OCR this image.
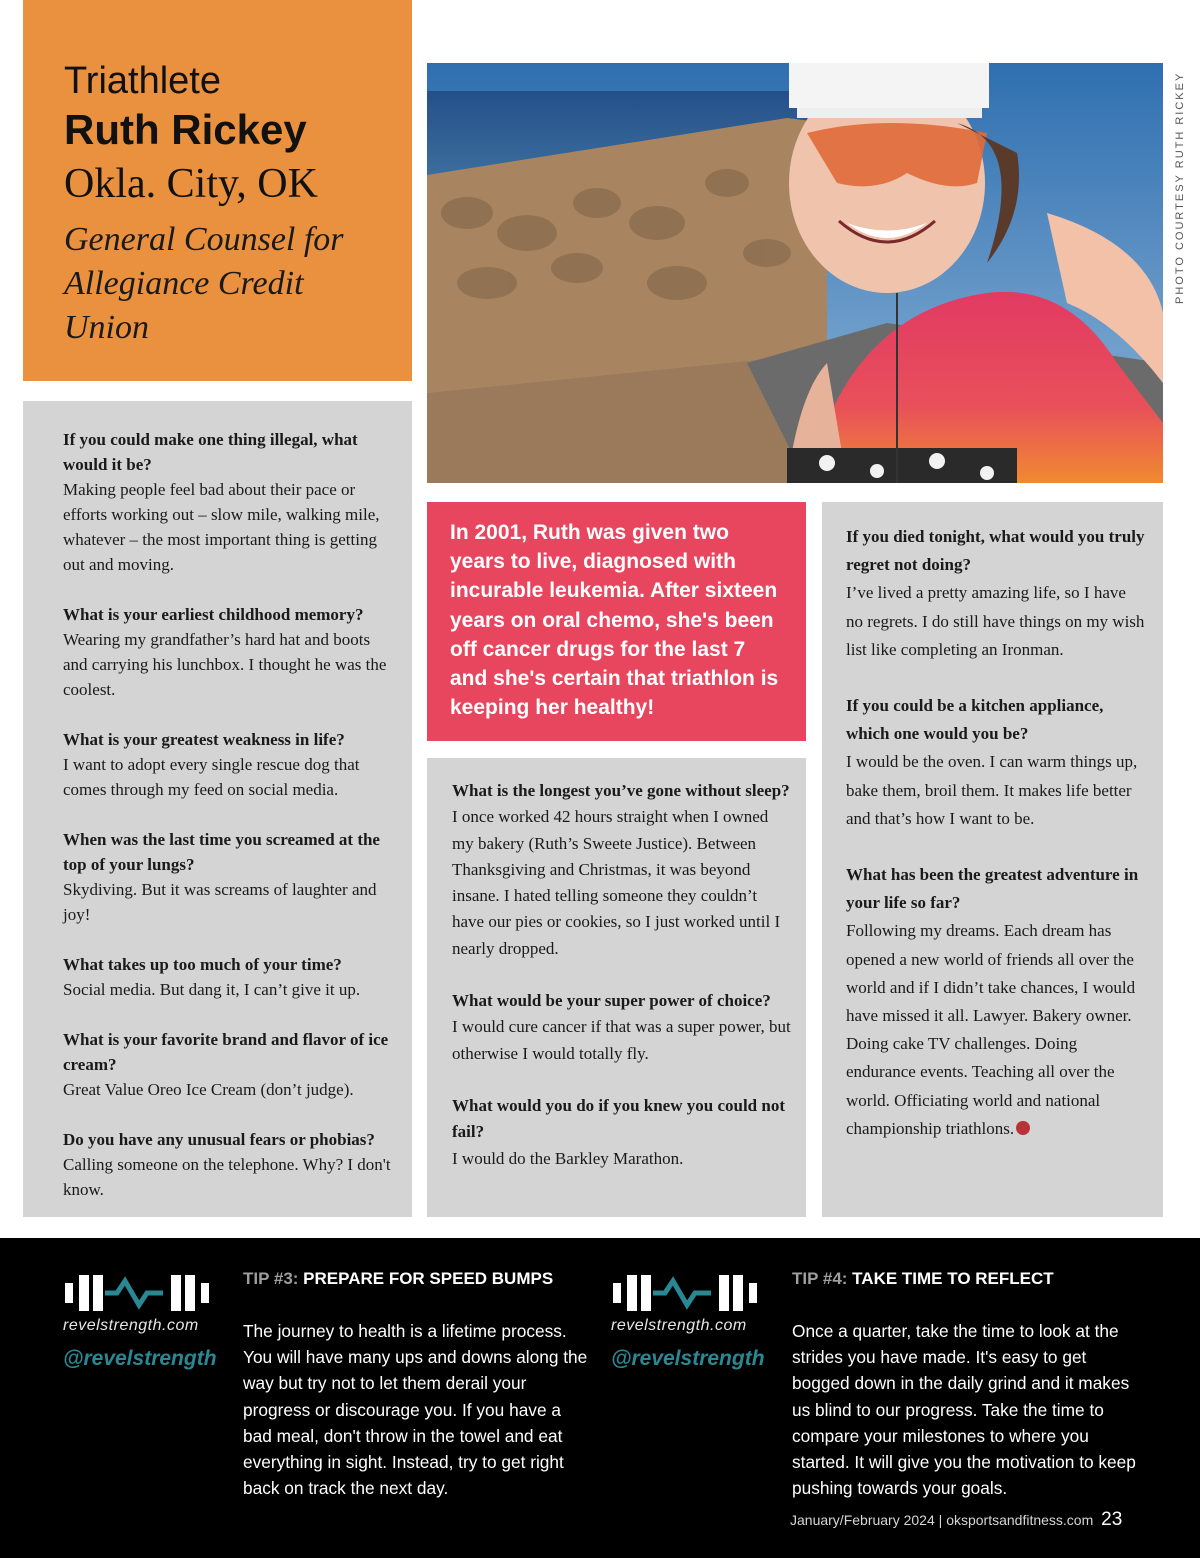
Triathlete
Ruth Rickey
Okla. City, OK
General Counsel for Allegiance Credit Union
PHOTO COURTESY RUTH RICKEY
If you could make one thing illegal, what would it be?
Making people feel bad about their pace or efforts working out – slow mile, walking mile, whatever – the most important thing is getting out and moving.
What is your earliest childhood memory?
Wearing my grandfather’s hard hat and boots and carrying his lunchbox. I thought he was the coolest.
What is your greatest weakness in life?
I want to adopt every single rescue dog that comes through my feed on social media.
When was the last time you screamed at the top of your lungs?
Skydiving. But it was screams of laughter and joy!
What takes up too much of your time?
Social media. But dang it, I can’t give it up.
What is your favorite brand and flavor of ice cream?
Great Value Oreo Ice Cream (don’t judge).
Do you have any unusual fears or phobias?
Calling someone on the telephone. Why? I don't know.
In 2001, Ruth was given two years to live, diagnosed with incurable leukemia. After sixteen years on oral chemo, she's been off cancer drugs for the last 7 and she's certain that triathlon is keeping her healthy!
What is the longest you’ve gone without sleep?
I once worked 42 hours straight when I owned my bakery (Ruth’s Sweete Justice). Between Thanksgiving and Christmas, it was beyond insane. I hated telling someone they couldn’t have our pies or cookies, so I just worked until I nearly dropped.
What would be your super power of choice?
I would cure cancer if that was a super power, but otherwise I would totally fly.
What would you do if you knew you could not fail?
I would do the Barkley Marathon.
If you died tonight, what would you truly regret not doing?
I’ve lived a pretty amazing life, so I have no regrets. I do still have things on my wish list like completing an Ironman.
If you could be a kitchen appliance, which one would you be?
I would be the oven. I can warm things up, bake them, broil them. It makes life better and that’s how I want to be.
What has been the greatest adventure in your life so far?
Following my dreams. Each dream has opened a new world of friends all over the world and if I didn’t take chances, I would have missed it all. Lawyer. Bakery owner. Doing cake TV challenges. Doing endurance events. Teaching all over the world. Officiating world and national championship triathlons.
revelstrength.com
@revelstrength
TIP #3: PREPARE FOR SPEED BUMPS
The journey to health is a lifetime process. You will have many ups and downs along the way but try not to let them derail your progress or discourage you. If you have a bad meal, don't throw in the towel and eat everything in sight. Instead, try to get right back on track the next day.
revelstrength.com
@revelstrength
TIP #4: TAKE TIME TO REFLECT
Once a quarter, take the time to look at the strides you have made. It's easy to get bogged down in the daily grind and it makes us blind to our progress. Take the time to compare your milestones to where you started. It will give you the motivation to keep pushing towards your goals.
January/February 2024 | oksportsandfitness.com 23
